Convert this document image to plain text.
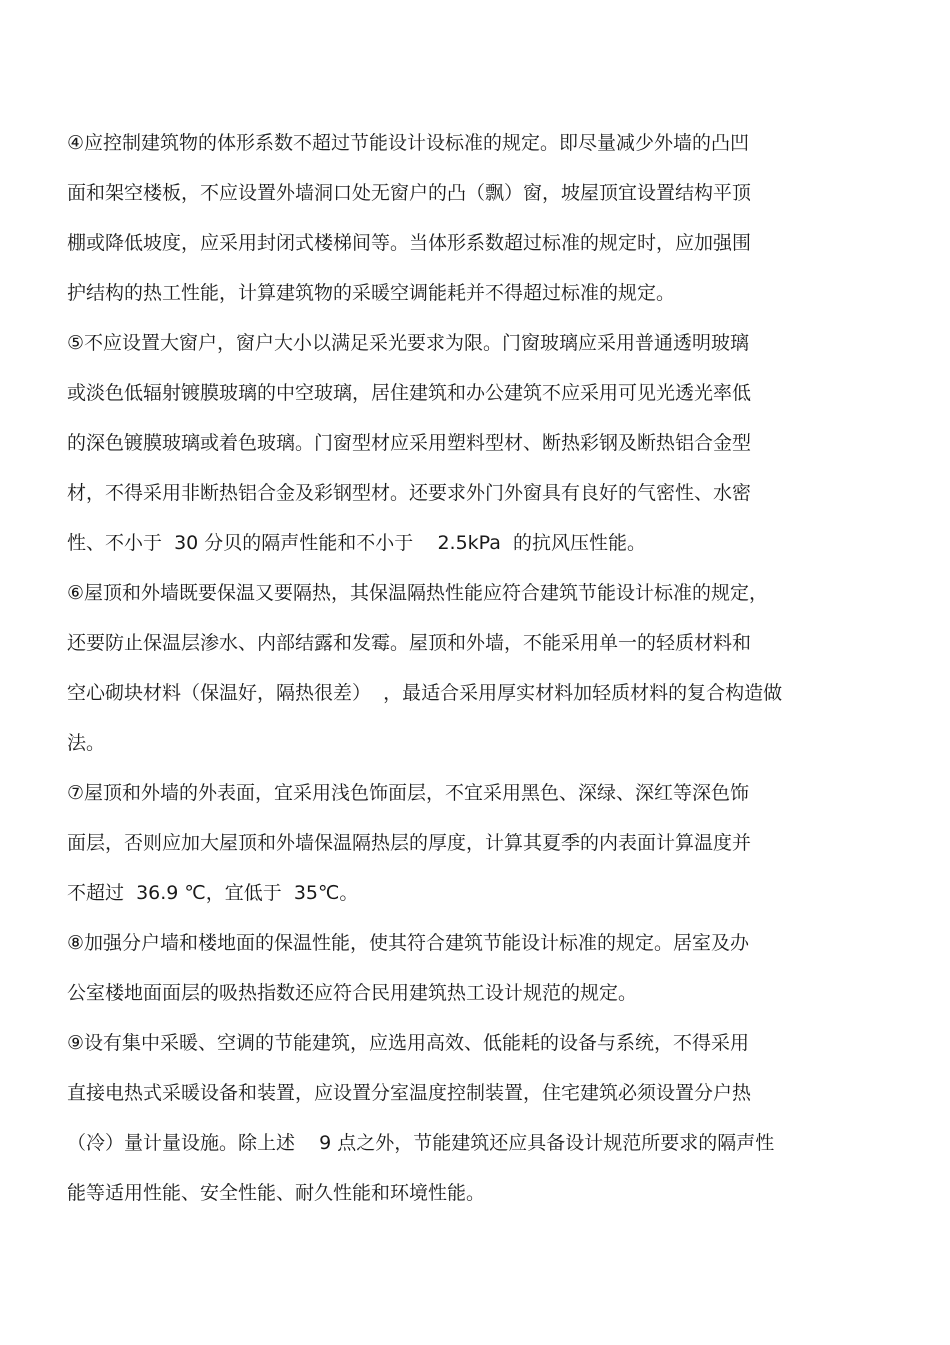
④应控制建筑物的体形系数不超过节能设计设标准的规定。即尽量减少外墙的凸凹
面和架空楼板，不应设置外墙洞口处无窗户的凸（飘）窗，坡屋顶宜设置结构平顶
棚或降低坡度，应采用封闭式楼梯间等。当体形系数超过标准的规定时，应加强围
护结构的热工性能，计算建筑物的采暖空调能耗并不得超过标准的规定。
⑤不应设置大窗户，窗户大小以满足采光要求为限。门窗玻璃应采用普通透明玻璃
或淡色低辐射镀膜玻璃的中空玻璃，居住建筑和办公建筑不应采用可见光透光率低
的深色镀膜玻璃或着色玻璃。门窗型材应采用塑料型材、断热彩钢及断热铝合金型
材，不得采用非断热铝合金及彩钢型材。还要求外门外窗具有良好的气密性、水密
性、不小于  30 分贝的隔声性能和不小于    2.5kPa  的抗风压性能。
⑥屋顶和外墙既要保温又要隔热，其保温隔热性能应符合建筑节能设计标准的规定，
还要防止保温层渗水、内部结露和发霉。屋顶和外墙，不能采用单一的轻质材料和
空心砌块材料（保温好，隔热很差）  ，最适合采用厚实材料加轻质材料的复合构造做
法。
⑦屋顶和外墙的外表面，宜采用浅色饰面层，不宜采用黑色、深绿、深红等深色饰
面层，否则应加大屋顶和外墙保温隔热层的厚度，计算其夏季的内表面计算温度并
不超过  36.9 ℃，宜低于  35℃。
⑧加强分户墙和楼地面的保温性能，使其符合建筑节能设计标准的规定。居室及办
公室楼地面面层的吸热指数还应符合民用建筑热工设计规范的规定。
⑨设有集中采暖、空调的节能建筑，应选用高效、低能耗的设备与系统，不得采用
直接电热式采暖设备和装置，应设置分室温度控制装置，住宅建筑必须设置分户热
（冷）量计量设施。除上述    9 点之外，节能建筑还应具备设计规范所要求的隔声性
能等适用性能、安全性能、耐久性能和环境性能。
